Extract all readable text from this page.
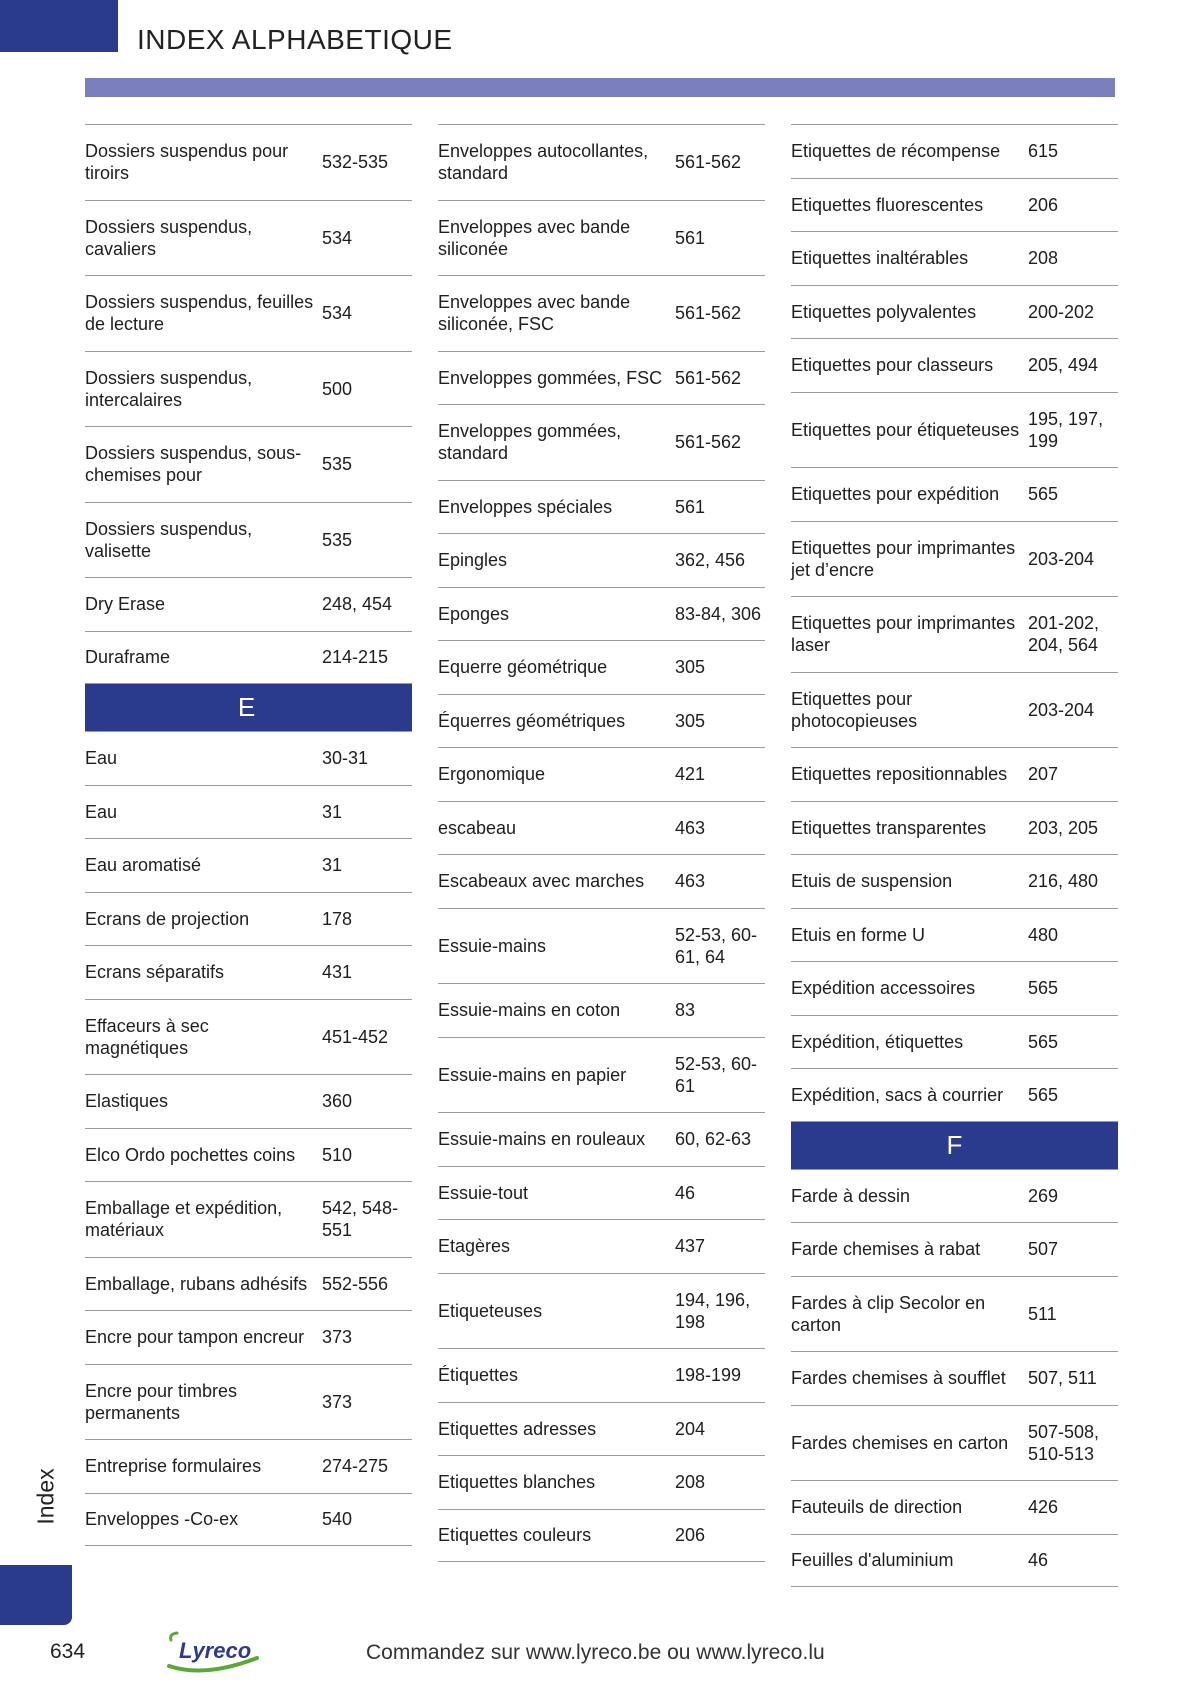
INDEX ALPHABETIQUE
Dossiers suspendus pour tiroirs
532-535
Dossiers suspendus, cavaliers
534
Dossiers suspendus, feuilles de lecture
534
Dossiers suspendus, intercalaires
500
Dossiers suspendus, sous-chemises pour
535
Dossiers suspendus, valisette
535
Dry Erase	248, 454
Duraframe	214-215
E
Eau	30-31
Eau	31
Eau aromatisé	31
Ecrans de projection	178
Ecrans séparatifs	431
Effaceurs à sec magnétiques
451-452
Elastiques	360
Elco Ordo pochettes coins	510
Emballage et expédition, matériaux
542, 548-551
Emballage, rubans adhésifs 552-556
Encre pour tampon encreur 373
Encre pour timbres permanents
373
Entreprise formulaires	274-275
Enveloppes -Co-ex	540
Enveloppes autocollantes, standard
561-562
Enveloppes avec bande siliconée
561
Enveloppes avec bande siliconée, FSC
561-562
Enveloppes gommées, FSC 561-562
Enveloppes gommées, standard
561-562
Enveloppes spéciales	561
Epingles	362, 456
Eponges	83-84, 306
Equerre géométrique	305
Équerres géométriques	305
Ergonomique	421
escabeau	463
Escabeaux avec marches	463
Essuie-mains
52-53, 60-61, 64
Essuie-mains en coton	83
Essuie-mains en papier
52-53, 60-61
Essuie-mains en rouleaux	60, 62-63
Essuie-tout	46
Etagères	437
Etiqueteuses
194, 196, 198
Étiquettes	198-199
Etiquettes adresses	204
Etiquettes blanches	208
Etiquettes couleurs	206
Etiquettes de récompense	615
Etiquettes fluorescentes	206
Etiquettes inaltérables	208
Etiquettes polyvalentes	200-202
Etiquettes pour classeurs	205, 494
Etiquettes pour étiqueteuses
195, 197, 199
Etiquettes pour expédition	565
Etiquettes pour imprimantes jet d’encre
203-204
Etiquettes pour imprimantes laser
201-202, 204, 564
Etiquettes pour photocopieuses
203-204
Etiquettes repositionnables	207
Etiquettes transparentes	203, 205
Etuis de suspension	216, 480
Etuis en forme U	480
Expédition accessoires	565
Expédition, étiquettes	565
Expédition, sacs à courrier	565
F
Farde à dessin	269
Farde chemises à rabat	507
Fardes à clip Secolor en carton
511
Fardes chemises à soufflet	507, 511
Fardes chemises en carton
507-508, 510-513
Fauteuils de direction	426
Feuilles d'aluminium	46
Index
634	Lyreco	Commandez sur www.lyreco.be ou www.lyreco.lu
